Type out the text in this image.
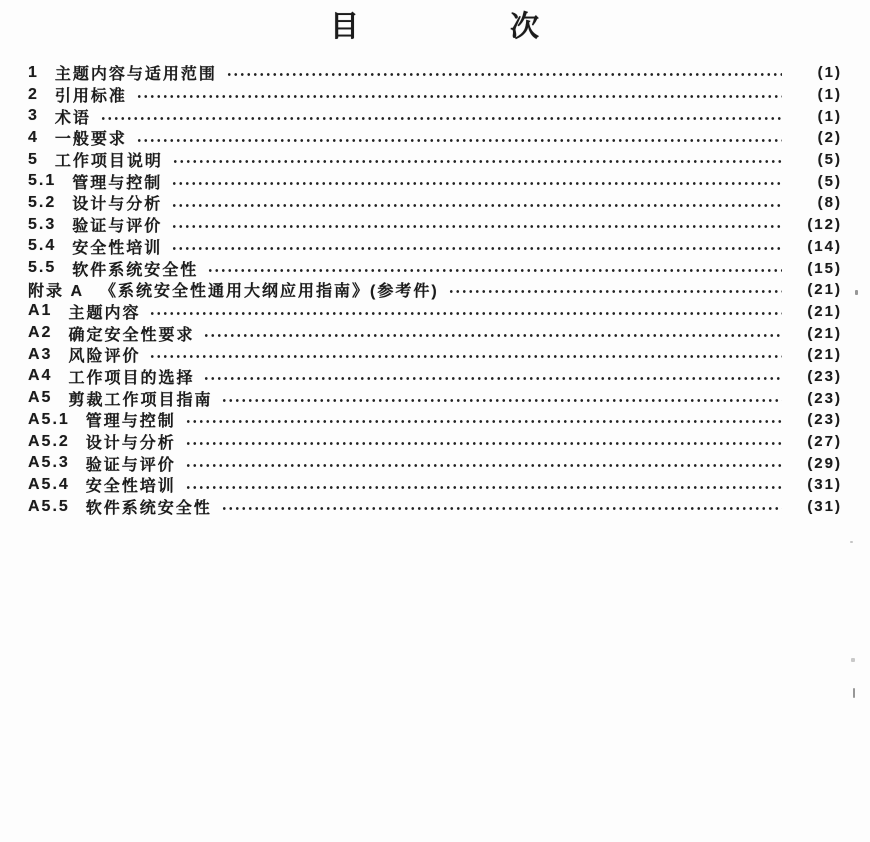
目	次
1 主题内容与适用范围	(1)
2 引用标准	(1)
3 术语	(1)
4 一般要求	(2)
5 工作项目说明	(5)
5.1 管理与控制	(5)
5.2 设计与分析	(8)
5.3 验证与评价	(12)
5.4 安全性培训	(14)
5.5 软件系统安全性	(15)
附录 A 《系统安全性通用大纲应用指南》(参考件)	(21)
A1 主题内容	(21)
A2 确定安全性要求	(21)
A3 风险评价	(21)
A4 工作项目的选择	(23)
A5 剪裁工作项目指南	(23)
A5.1 管理与控制	(23)
A5.2 设计与分析	(27)
A5.3 验证与评价	(29)
A5.4 安全性培训	(31)
A5.5 软件系统安全性	(31)
